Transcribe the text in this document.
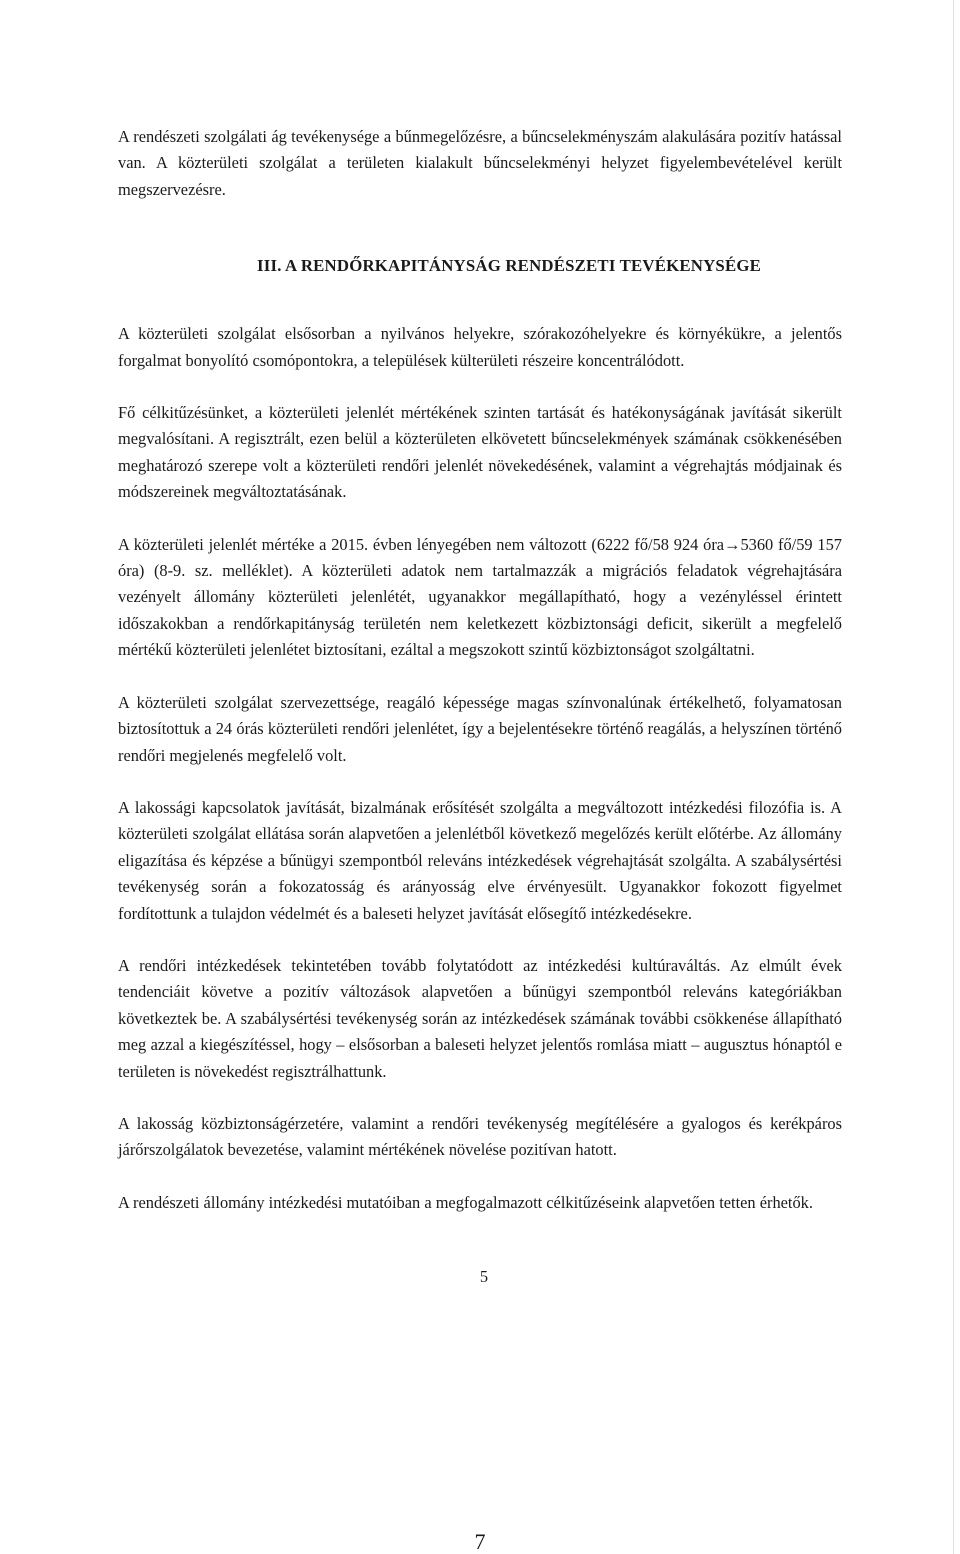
A rendészeti szolgálati ág tevékenysége a bűnmegelőzésre, a bűncselekményszám alakulására pozitív hatással van. A közterületi szolgálat a területen kialakult bűncselekményi helyzet figyelembevételével került megszervezésre.

III. A RENDŐRKAPITÁNYSÁG RENDÉSZETI TEVÉKENYSÉGE

A közterületi szolgálat elsősorban a nyilvános helyekre, szórakozóhelyekre és környékükre, a jelentős forgalmat bonyolító csomópontokra, a települések külterületi részeire koncentrálódott.

Fő célkitűzésünket, a közterületi jelenlét mértékének szinten tartását és hatékonyságának javítását sikerült megvalósítani. A regisztrált, ezen belül a közterületen elkövetett bűncselekmények számának csökkenésében meghatározó szerepe volt a közterületi rendőri jelenlét növekedésének, valamint a végrehajtás módjainak és módszereinek megváltoztatásának.

A közterületi jelenlét mértéke a 2015. évben lényegében nem változott (6222 fő/58 924 óra→5360 fő/59 157 óra) (8-9. sz. melléklet). A közterületi adatok nem tartalmazzák a migrációs feladatok végrehajtására vezényelt állomány közterületi jelenlétét, ugyanakkor megállapítható, hogy a vezényléssel érintett időszakokban a rendőrkapitányság területén nem keletkezett közbiztonsági deficit, sikerült a megfelelő mértékű közterületi jelenlétet biztosítani, ezáltal a megszokott szintű közbiztonságot szolgáltatni.

A közterületi szolgálat szervezettsége, reagáló képessége magas színvonalúnak értékelhető, folyamatosan biztosítottuk a 24 órás közterületi rendőri jelenlétet, így a bejelentésekre történő reagálás, a helyszínen történő rendőri megjelenés megfelelő volt.

A lakossági kapcsolatok javítását, bizalmának erősítését szolgálta a megváltozott intézkedési filozófia is. A közterületi szolgálat ellátása során alapvetően a jelenlétből következő megelőzés került előtérbe. Az állomány eligazítása és képzése a bűnügyi szempontból releváns intézkedések végrehajtását szolgálta. A szabálysértési tevékenység során a fokozatosság és arányosság elve érvényesült. Ugyanakkor fokozott figyelmet fordítottunk a tulajdon védelmét és a baleseti helyzet javítását elősegítő intézkedésekre.

A rendőri intézkedések tekintetében tovább folytatódott az intézkedési kultúraváltás. Az elmúlt évek tendenciáit követve a pozitív változások alapvetően a bűnügyi szempontból releváns kategóriákban következtek be. A szabálysértési tevékenység során az intézkedések számának további csökkenése állapítható meg azzal a kiegészítéssel, hogy – elsősorban a baleseti helyzet jelentős romlása miatt – augusztus hónaptól e területen is növekedést regisztrálhattunk.

A lakosság közbiztonságérzetére, valamint a rendőri tevékenység megítélésére a gyalogos és kerékpáros járőrszolgálatok bevezetése, valamint mértékének növelése pozitívan hatott.

A rendészeti állomány intézkedési mutatóiban a megfogalmazott célkitűzéseink alapvetően tetten érhetők.

5
7
